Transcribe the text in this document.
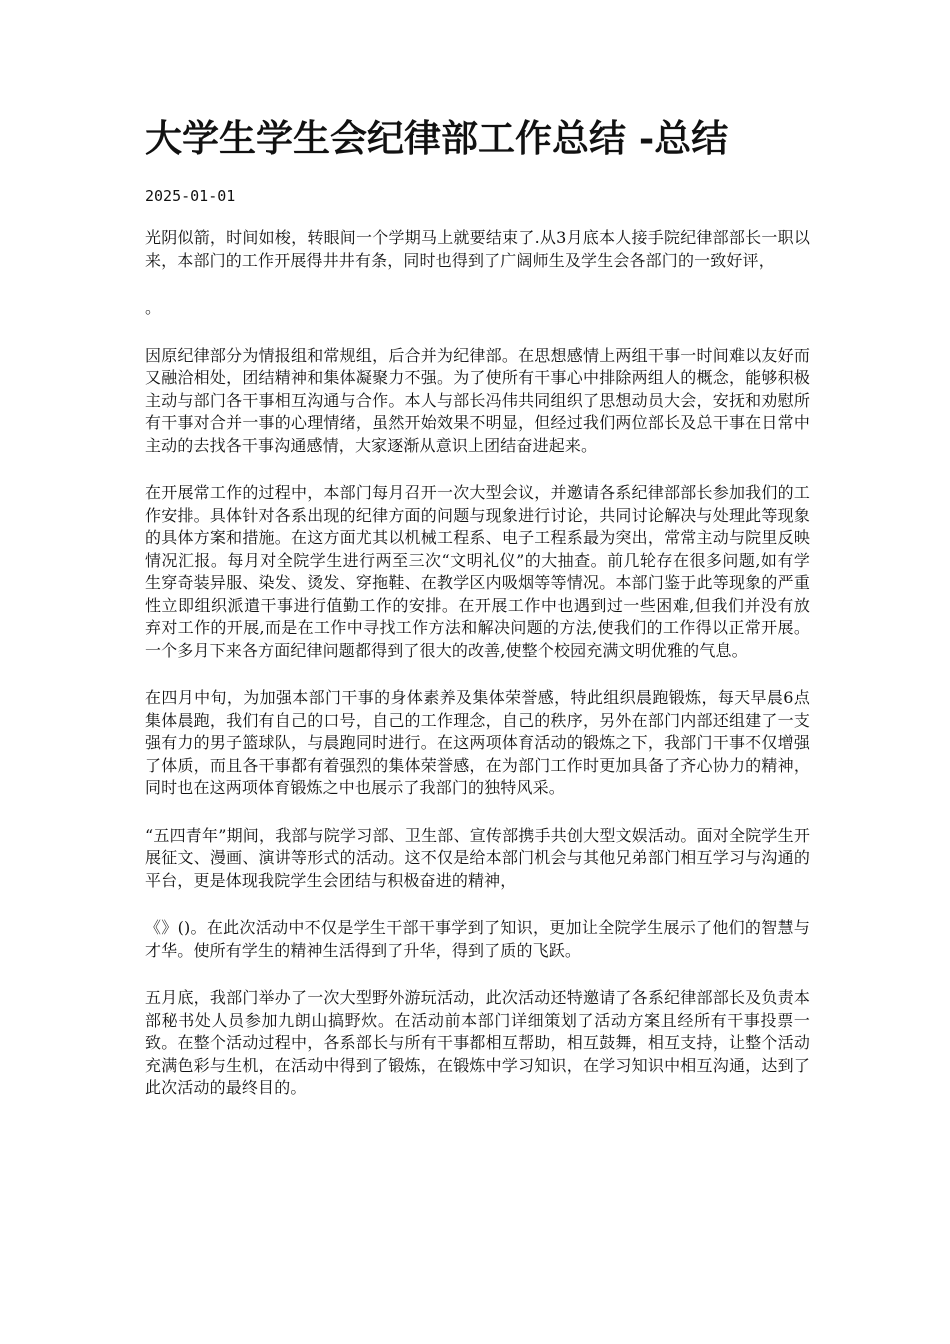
大学生学生会纪律部工作总结 -总结
2025-01-01

光阴似箭，时间如梭，转眼间一个学期马上就要结束了.从3月底本人接手院纪律部部长一职以来，本部门的工作开展得井井有条，同时也得到了广阔师生及学生会各部门的一致好评，

。

因原纪律部分为情报组和常规组，后合并为纪律部。在思想感情上两组干事一时间难以友好而又融洽相处，团结精神和集体凝聚力不强。为了使所有干事心中排除两组人的概念，能够积极主动与部门各干事相互沟通与合作。本人与部长冯伟共同组织了思想动员大会，安抚和劝慰所有干事对合并一事的心理情绪，虽然开始效果不明显，但经过我们两位部长及总干事在日常中主动的去找各干事沟通感情，大家逐渐从意识上团结奋进起来。

在开展常工作的过程中，本部门每月召开一次大型会议，并邀请各系纪律部部长参加我们的工作安排。具体针对各系出现的纪律方面的问题与现象进行讨论，共同讨论解决与处理此等现象的具体方案和措施。在这方面尤其以机械工程系、电子工程系最为突出，常常主动与院里反映情况汇报。每月对全院学生进行两至三次“文明礼仪”的大抽查。前几轮存在很多问题,如有学生穿奇装异服、染发、烫发、穿拖鞋、在教学区内吸烟等等情况。本部门鉴于此等现象的严重性立即组织派遣干事进行值勤工作的安排。在开展工作中也遇到过一些困难,但我们并没有放弃对工作的开展,而是在工作中寻找工作方法和解决问题的方法,使我们的工作得以正常开展。一个多月下来各方面纪律问题都得到了很大的改善,使整个校园充满文明优雅的气息。

在四月中旬，为加强本部门干事的身体素养及集体荣誉感，特此组织晨跑锻炼，每天早晨6点集体晨跑，我们有自己的口号，自己的工作理念，自己的秩序，另外在部门内部还组建了一支强有力的男子篮球队，与晨跑同时进行。在这两项体育活动的锻炼之下，我部门干事不仅增强了体质，而且各干事都有着强烈的集体荣誉感，在为部门工作时更加具备了齐心协力的精神，同时也在这两项体育锻炼之中也展示了我部门的独特风采。

“五四青年”期间，我部与院学习部、卫生部、宣传部携手共创大型文娱活动。面对全院学生开展征文、漫画、演讲等形式的活动。这不仅是给本部门机会与其他兄弟部门相互学习与沟通的平台，更是体现我院学生会团结与积极奋进的精神，

《》()。在此次活动中不仅是学生干部干事学到了知识，更加让全院学生展示了他们的智慧与才华。使所有学生的精神生活得到了升华，得到了质的飞跃。

五月底，我部门举办了一次大型野外游玩活动，此次活动还特邀请了各系纪律部部长及负责本部秘书处人员参加九朗山搞野炊。在活动前本部门详细策划了活动方案且经所有干事投票一致。在整个活动过程中，各系部长与所有干事都相互帮助，相互鼓舞，相互支持，让整个活动充满色彩与生机，在活动中得到了锻炼，在锻炼中学习知识，在学习知识中相互沟通，达到了此次活动的最终目的。
